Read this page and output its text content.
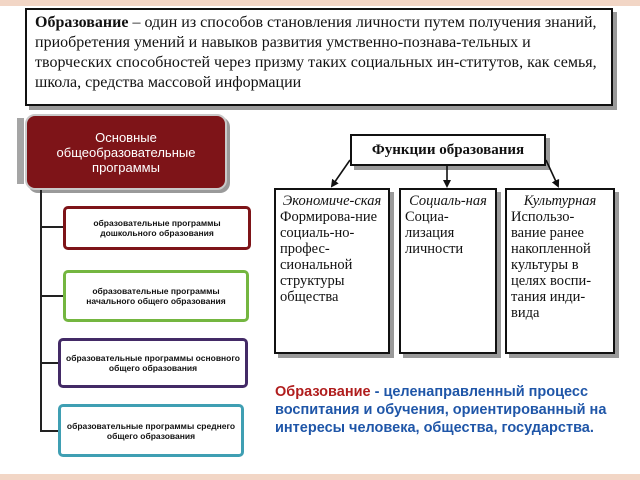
Образование – один из способов становления личности путем получения знаний, приобретения умений и навыков развития умственно-познава-тельных и творческих способностей через призму таких социальных ин-ститутов, как семья, школа, средства массовой информации
Основные общеобразовательные программы
образовательные программы дошкольного образования
образовательные программы начального общего образования
образовательные программы основного общего образования
образовательные программы среднего общего образования
Функции образования
Экономиче-ская
Формирова-ние социаль-но-профес-сиональной структуры общества
Социаль-ная
Социа-лизация личности
Культурная
Использо-вание ранее накопленной культуры в целях воспи-тания инди-вида
Образование - целенаправленный процесс воспитания и обучения, ориентированный на интересы человека, общества, государства.
